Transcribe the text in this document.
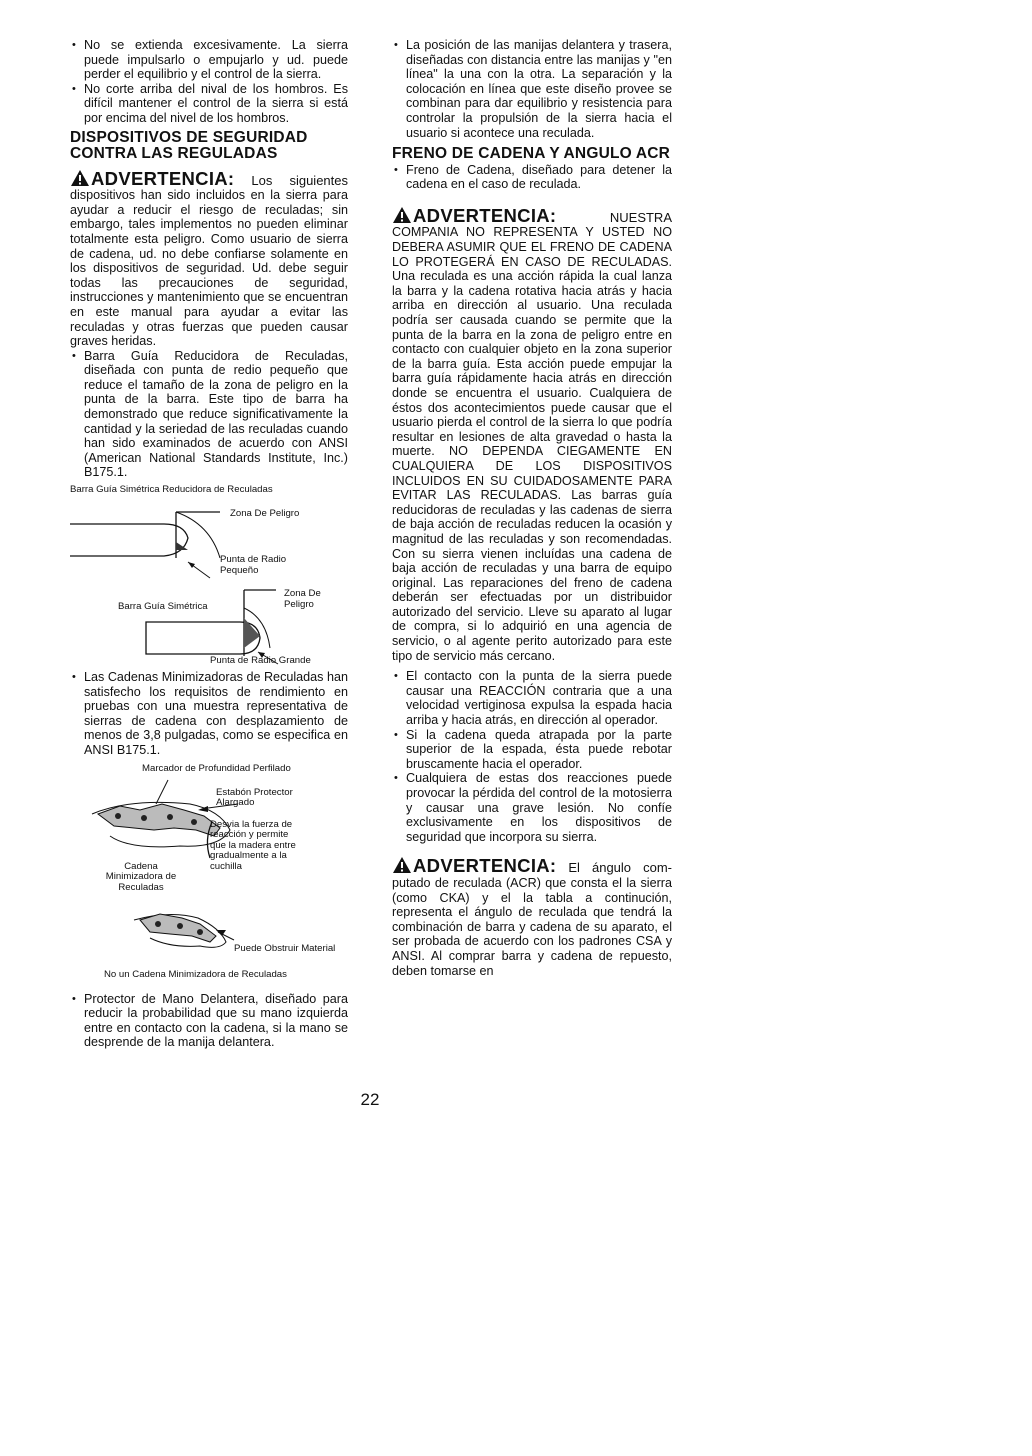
• No se extienda excesivamente. La sierra puede impulsarlo o empujarlo y ud. puede perder el equilibrio y el control de la sierra.
• No corte arriba del nival de los hombros. Es difícil mantener el control de la sierra si está por encima del nivel de los hombros.
DISPOSITIVOS DE SEGURIDAD CONTRA LAS REGULADAS

ADVERTENCIA: Los siguientes dispositivos han sido incluidos en la sierra para ayudar a reducir el riesgo de reculadas; sin embargo, tales implementos no pueden eliminar totalmente esta peligro. Como usuario de sierra de cadena, ud. no debe confiarse solamente en los dispositivos de seguridad. Ud. debe seguir todas las precauciones de seguridad, instrucciones y mantenimiento que se encuentran en este manual para ayudar a evitar las reculadas y otras fuerzas que pueden causar graves heridas.

• Barra Guía Reducidora de Reculadas, diseñada con punta de redio pequeño que reduce el tamaño de la zona de peligro en la punta de la barra. Este tipo de barra ha demonstrado que reduce significativamente la cantidad y la seriedad de las reculadas cuando han sido examinados de acuerdo con ANSI (American National Standards Institute, Inc.) B175.1.
Barra Guía Simétrica Reducidora de Reculadas
Zona De Peligro
Punta de Radio Pequeño
Zona De Peligro
Barra Guía Simétrica
Punta de Radio Grande
• Las Cadenas Minimizadoras de Reculadas han satisfecho los requisitos de rendimiento en pruebas con una muestra representativa de sierras de cadena con desplazamiento de menos de 3,8 pulgadas, como se especifica en ANSI B175.1.
Marcador de Profundidad Perfilado
Estabón Protector Alargado
Desvia la fuerza de reacción y permite que la madera entre gradualmente a la cuchilla
Cadena Minimizadora de Reculadas
Puede Obstruir Material
No un Cadena Minimizadora de Reculadas
• Protector de Mano Delantera, diseñado para reducir la probabilidad que su mano izquierda entre en contacto con la cadena, si la mano se desprende de la manija delantera.
• La posición de las manijas delantera y trasera, diseñadas con distancia entre las manijas y "en línea" la una con la otra. La separación y la colocación en línea que este diseño provee se combinan para dar equilibrio y resistencia para controlar la propulsión de la sierra hacia el usuario si acontece una reculada.
FRENO DE CADENA Y ANGULO ACR
• Freno de Cadena, diseñado para detener la cadena en el caso de reculada.

ADVERTENCIA:	NUESTRA COMPANIA NO REPRESENTA Y USTED NO DEBERA ASUMIR QUE EL FRENO DE CADENA LO PROTEGERÁ EN CASO DE RECULADAS. Una reculada es una acción rápida la cual lanza la barra y la cadena rotativa hacia atrás y hacia arriba en dirección al usuario. Una reculada podría ser causada cuando se permite que la punta de la barra en la zona de peligro entre en contacto con cualquier objeto en la zona superior de la barra guía. Esta acción puede empujar la barra guía rápidamente hacia atrás en dirección donde se encuentra el usuario. Cualquiera de éstos dos acontecimientos puede causar que el usuario pierda el control de la sierra lo que podría resultar en lesiones de alta gravedad o hasta la muerte. NO DEPENDA CIEGAMENTE EN CUALQUIERA DE LOS DISPOSITIVOS INCLUIDOS EN SU CUIDADOSAMENTE PARA EVITAR LAS RECULADAS. Las barras guía reducidoras de reculadas y las cadenas de sierra de baja acción de reculadas reducen la ocasión y magnitud de las reculadas y son recomendadas. Con su sierra vienen incluídas una cadena de baja acción de reculadas y una barra de equipo original. Las reparaciones del freno de cadena deberán ser efectuadas por un distribuidor autorizado del servicio. Lleve su aparato al lugar de compra, si lo adquirió en una agencia de servicio, o al agente perito autorizado para este tipo de servicio más cercano.

• El contacto con la punta de la sierra puede causar una REACCIÓN contraria que a una velocidad vertiginosa expulsa la espada hacia arriba y hacia atrás, en dirección al operador.
• Si la cadena queda atrapada por la parte superior de la espada, ésta puede rebotar bruscamente hacia el operador.
• Cualquiera de estas dos reacciones puede provocar la pérdida del control de la motosierra y causar una grave lesión. No confíe exclusivamente en los dispositivos de seguridad que incorpora su sierra.

ADVERTENCIA: El ángulo com- putado de reculada (ACR) que consta el la sierra (como CKA) y el la tabla a continución, representa el ángulo de reculada que tendrá la combinación de barra y cadena de su aparato, el ser probada de acuerdo con los padrones CSA y ANSI. Al comprar barra y cadena de repuesto, deben tomarse en

22
